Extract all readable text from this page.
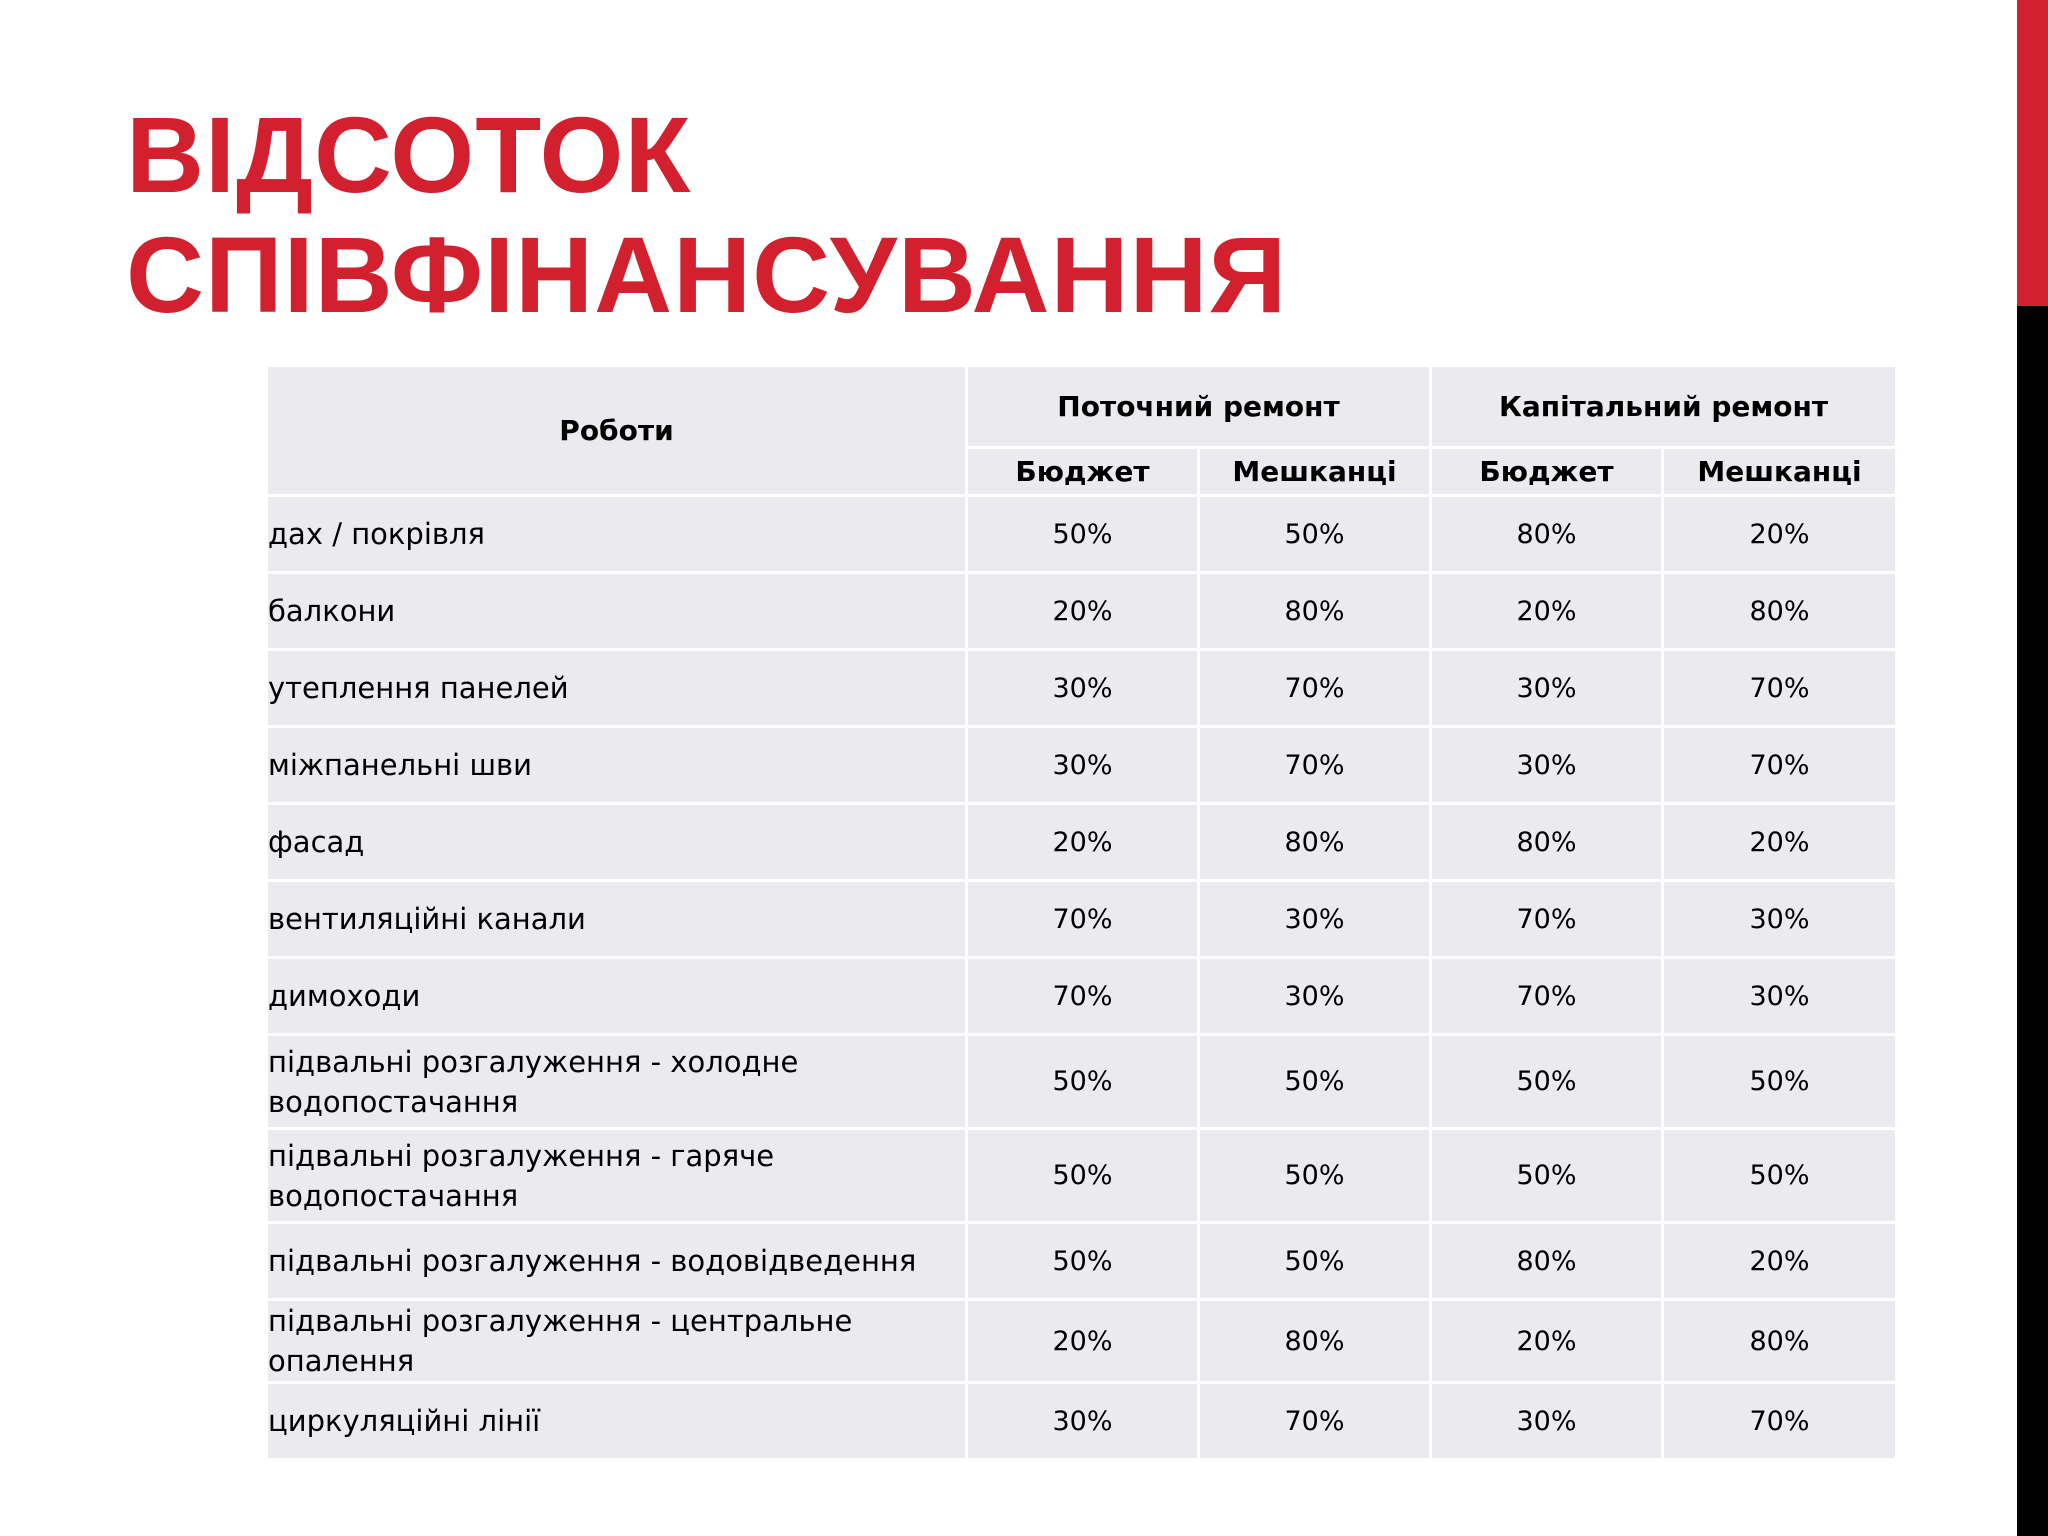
ВІДСОТОК
СПІВФІНАНСУВАННЯ
Роботи	Поточний ремонт		Капітальний ремонт	
	Бюджет	Мешканці	Бюджет	Мешканці
дах / покрівля	50%	50%	80%	20%
балкони	20%	80%	20%	80%
утеплення панелей	30%	70%	30%	70%
міжпанельні шви	30%	70%	30%	70%
фасад	20%	80%	80%	20%
вентиляційні канали	70%	30%	70%	30%
димоходи	70%	30%	70%	30%
підвальні розгалуження - холодне водопостачання	50%	50%	50%	50%
підвальні розгалуження - гаряче водопостачання	50%	50%	50%	50%
підвальні розгалуження - водовідведення	50%	50%	80%	20%
підвальні розгалуження - центральне опалення	20%	80%	20%	80%
циркуляційні лінії	30%	70%	30%	70%
